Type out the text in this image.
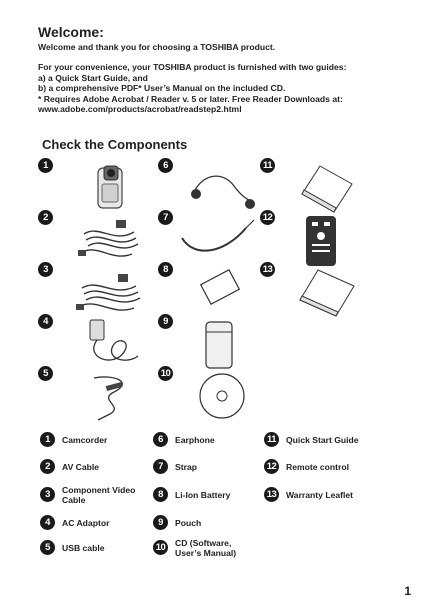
Welcome:

Welcome and thank you for choosing a TOSHIBA product.

For your convenience, your TOSHIBA product is furnished with two guides:

a) a Quick Start Guide, and

b) a comprehensive PDF* User’s Manual on the included CD.

* Requires Adobe Acrobat / Reader v. 5 or later. Free Reader Downloads at:

www.adobe.com/products/acrobat/readstep2.html

Check the Components
1
2
3
4
5
6
7
8
9
10
11
12
13
1	Camcorder
2	AV Cable
3	Component Video
Cable
4	AC Adaptor
5	USB cable
6	Earphone
7	Strap
8	Li-Ion Battery
9	Pouch
10	CD (Software,
User’s Manual)
11	Quick Start Guide
12	Remote control
13	Warranty Leaflet
1
